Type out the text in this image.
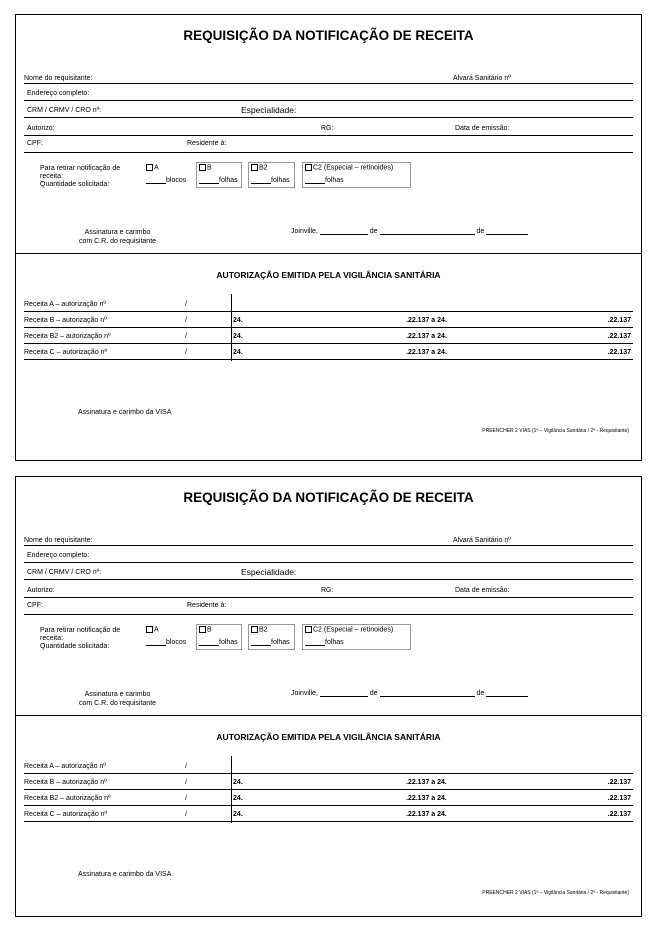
REQUISIÇÃO DA NOTIFICAÇÃO DE RECEITA
Nome do requisitante:	Alvará Sanitário nº
Endereço completo:
CRM / CRMV / CRO nº:	Especialidade:
Autorizo:	RG:	Data de emissão:
CPF:	Residente à:
Para retirar notificação de
receita:
Quantidade solicitada:
A
blocos
B
folhas
B2
folhas
C2 (Especial – retinoides)
folhas
Assinatura e carimbo
com C.R. do requisitante
Joinville,	de	de
AUTORIZAÇÃO EMITIDA PELA VIGILÂNCIA SANITÁRIA
Receita A – autorização nº	/
Receita B – autorização nº	/	24.	.22.137 a 24.	.22.137
Receita B2 – autorização nº	/	24.	.22.137 a 24.	.22.137
Receita C – autorização nº	/	24.	.22.137 a 24.	.22.137
Assinatura e carimbo da VISA
PREENCHER 2 VIAS (1ª – Vigilância Sanitária / 2ª - Requisitante)
REQUISIÇÃO DA NOTIFICAÇÃO DE RECEITA
Nome do requisitante:	Alvará Sanitário nº
Endereço completo:
CRM / CRMV / CRO nº:	Especialidade:
Autorizo:	RG:	Data de emissão:
CPF:	Residente à:
Para retirar notificação de
receita:
Quantidade solicitada:
A
blocos
B
folhas
B2
folhas
C2 (Especial – retinoides)
folhas
Assinatura e carimbo
com C.R. do requisitante
Joinville,	de	de
AUTORIZAÇÃO EMITIDA PELA VIGILÂNCIA SANITÁRIA
Receita A – autorização nº	/
Receita B – autorização nº	/	24.	.22.137 a 24.	.22.137
Receita B2 – autorização nº	/	24.	.22.137 a 24.	.22.137
Receita C – autorização nº	/	24.	.22.137 a 24.	.22.137
Assinatura e carimbo da VISA
PREENCHER 2 VIAS (1ª – Vigilância Sanitária / 2ª - Requisitante)
